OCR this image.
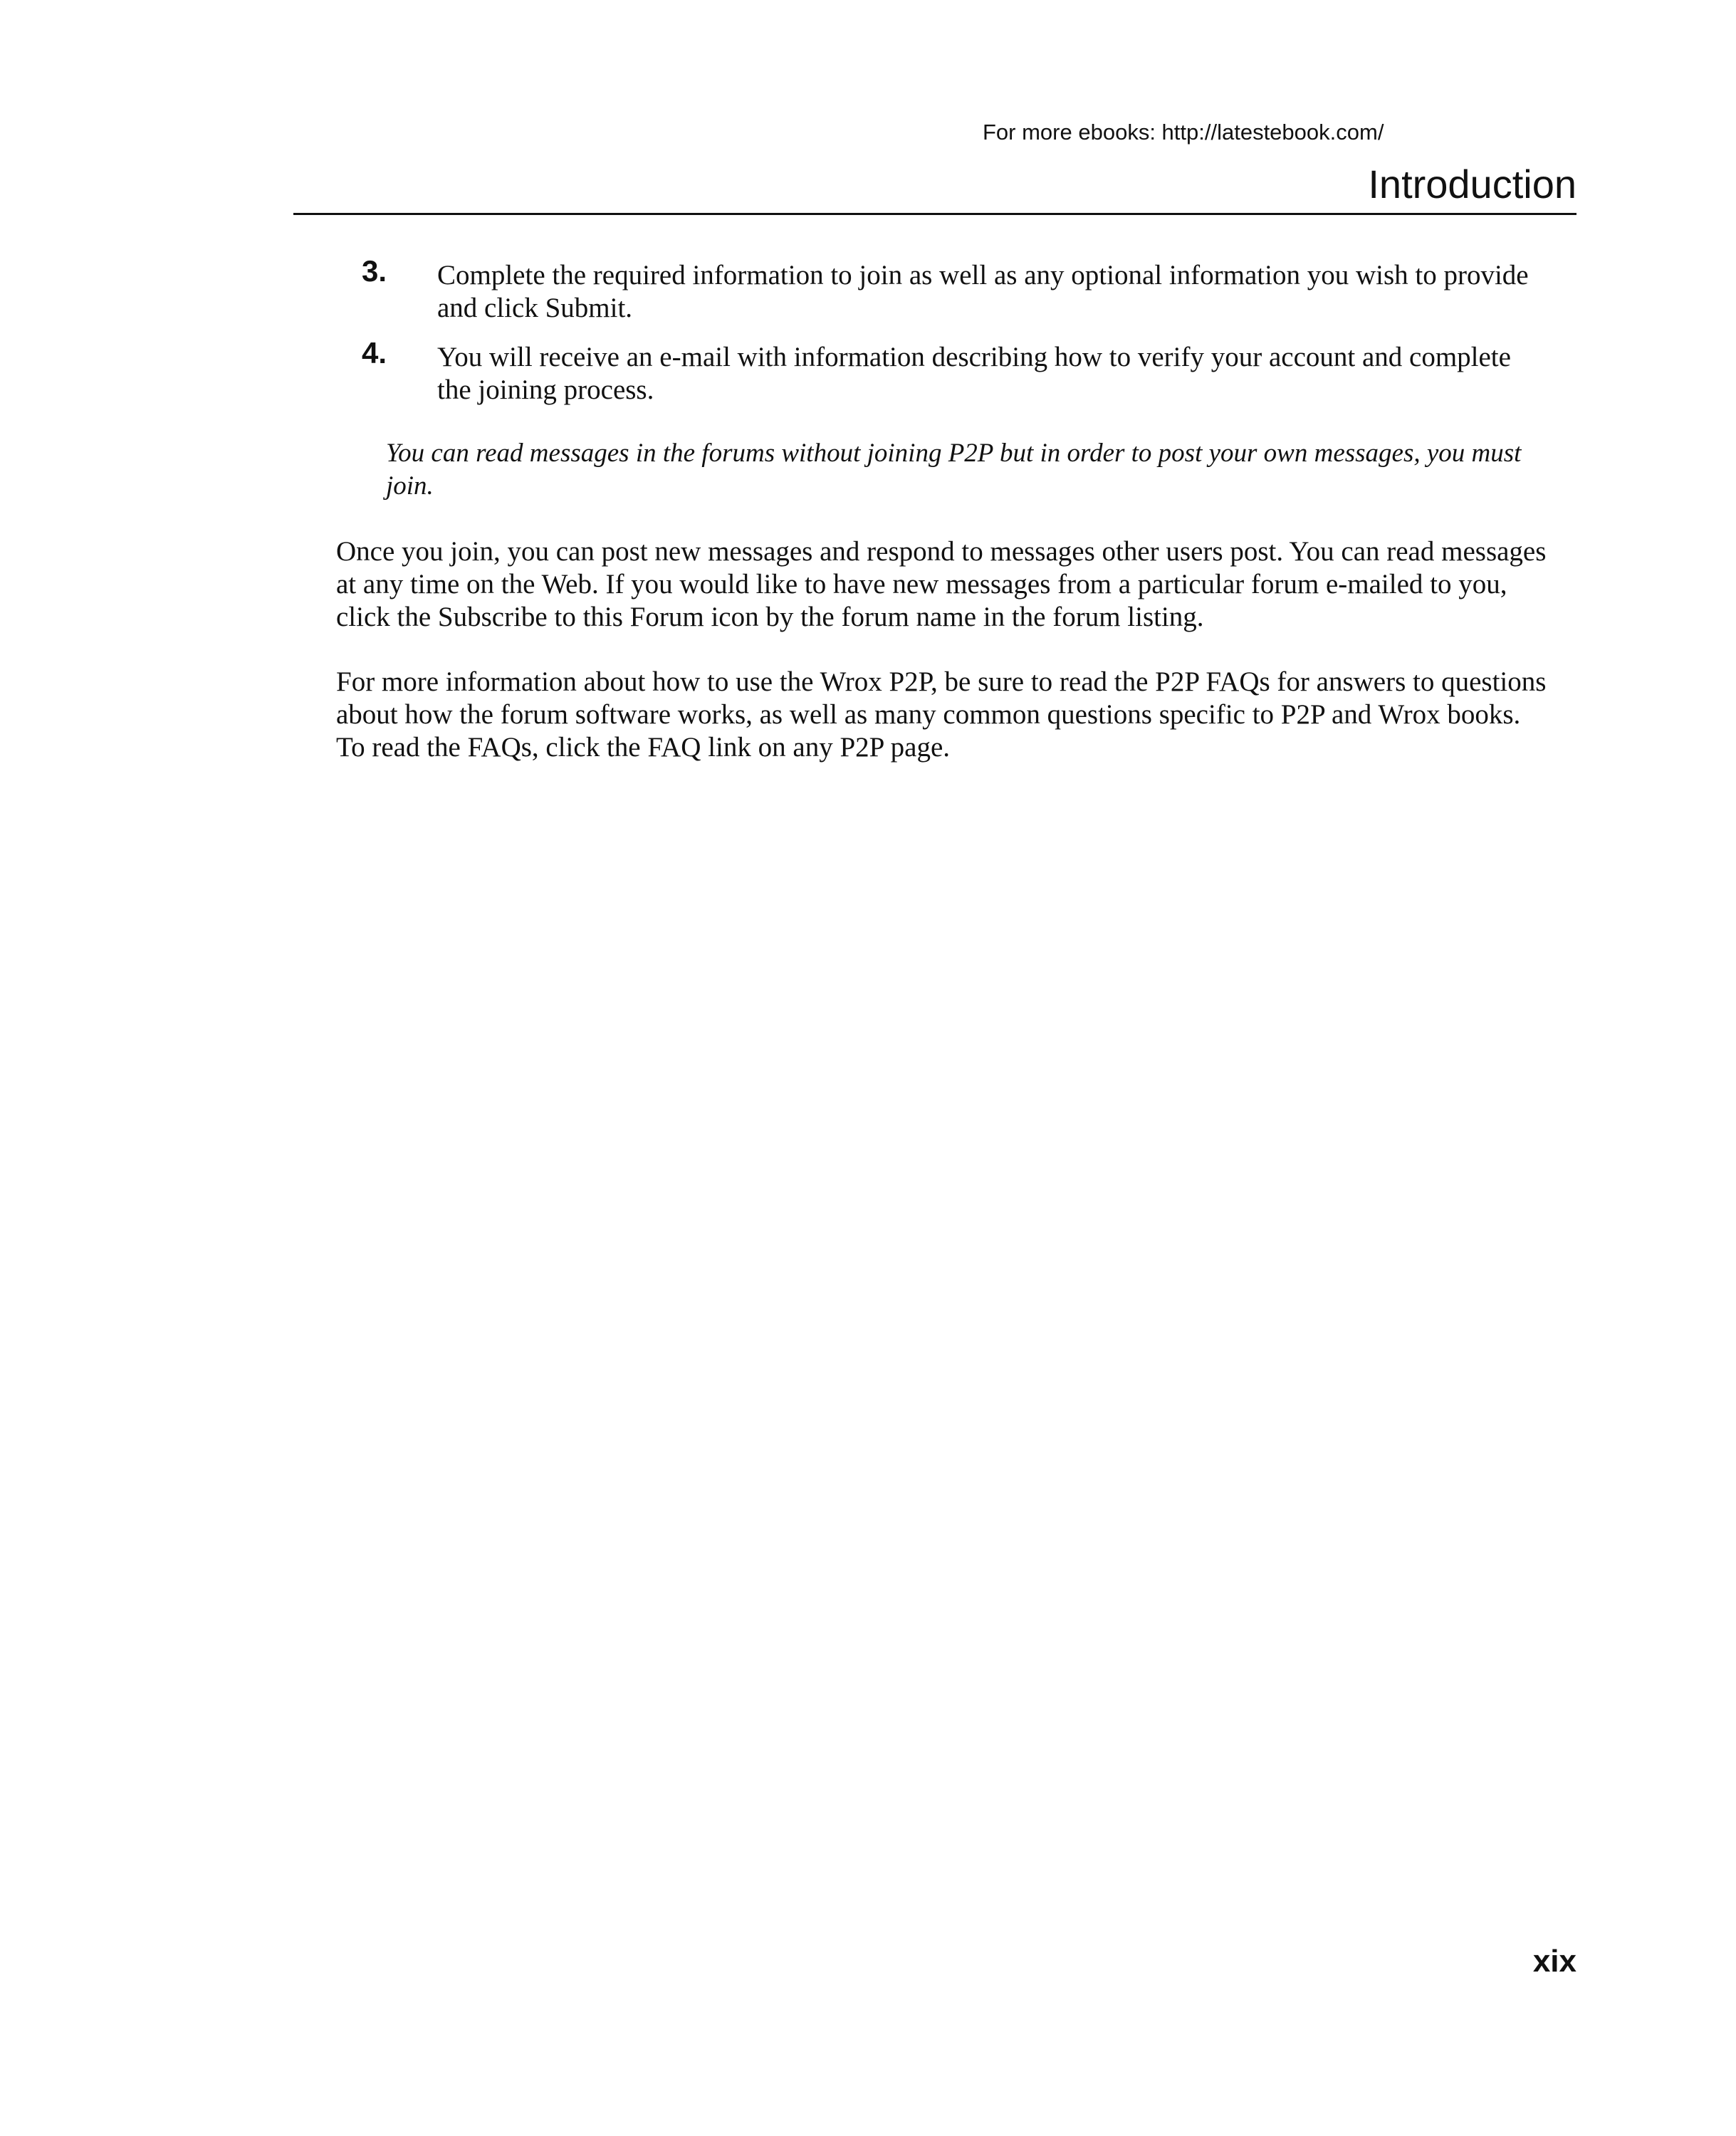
For more ebooks: http://latestebook.com/
Introduction
3. Complete the required information to join as well as any optional information you wish to provide and click Submit.
4. You will receive an e-mail with information describing how to verify your account and complete the joining process.
You can read messages in the forums without joining P2P but in order to post your own messages, you must join.
Once you join, you can post new messages and respond to messages other users post. You can read messages at any time on the Web. If you would like to have new messages from a particular forum e-mailed to you, click the Subscribe to this Forum icon by the forum name in the forum listing.
For more information about how to use the Wrox P2P, be sure to read the P2P FAQs for answers to questions about how the forum software works, as well as many common questions specific to P2P and Wrox books. To read the FAQs, click the FAQ link on any P2P page.
xix
